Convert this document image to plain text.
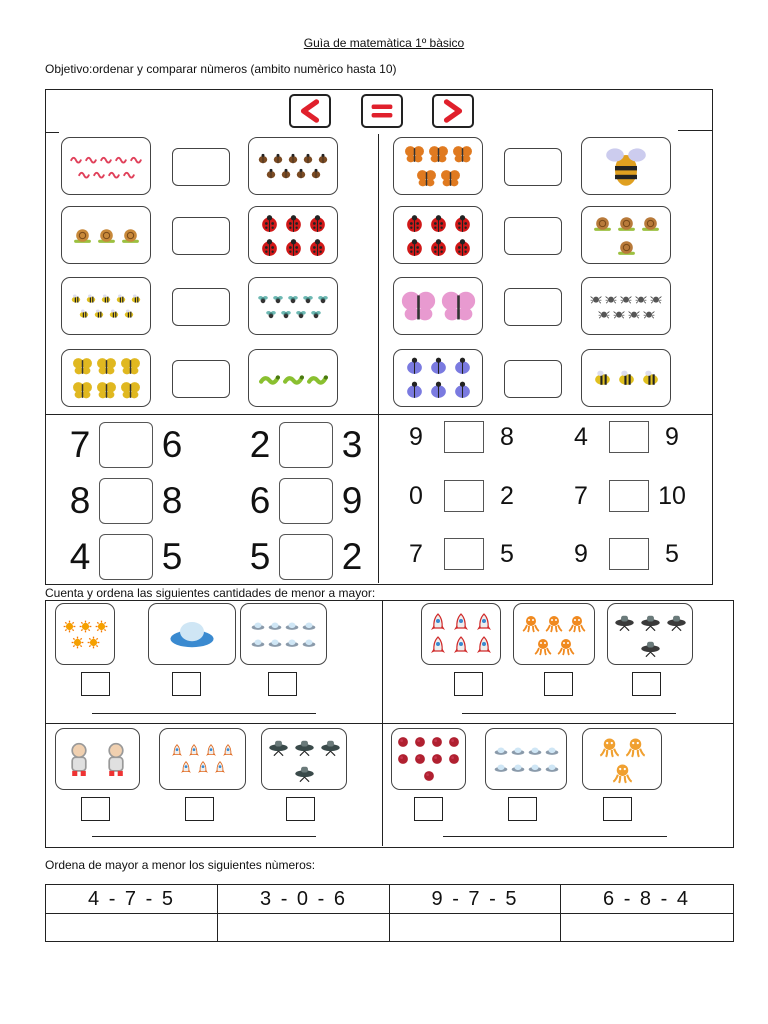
Guìa de matemàtica 1º bàsico
Objetivo:ordenar y comparar nùmeros (ambito numèrico hasta 10)
7 6 2 3
8 8 6 9
4 5 5 2
9	8	4	9
0	2	7	10
7	5	9	5
Cuenta y ordena las siguientes cantidades de menor a mayor:
Ordena de mayor a menor los siguientes nùmeros:
4 - 7 - 5	3 - 0 - 6	9 - 7 - 5	6 - 8 - 4
